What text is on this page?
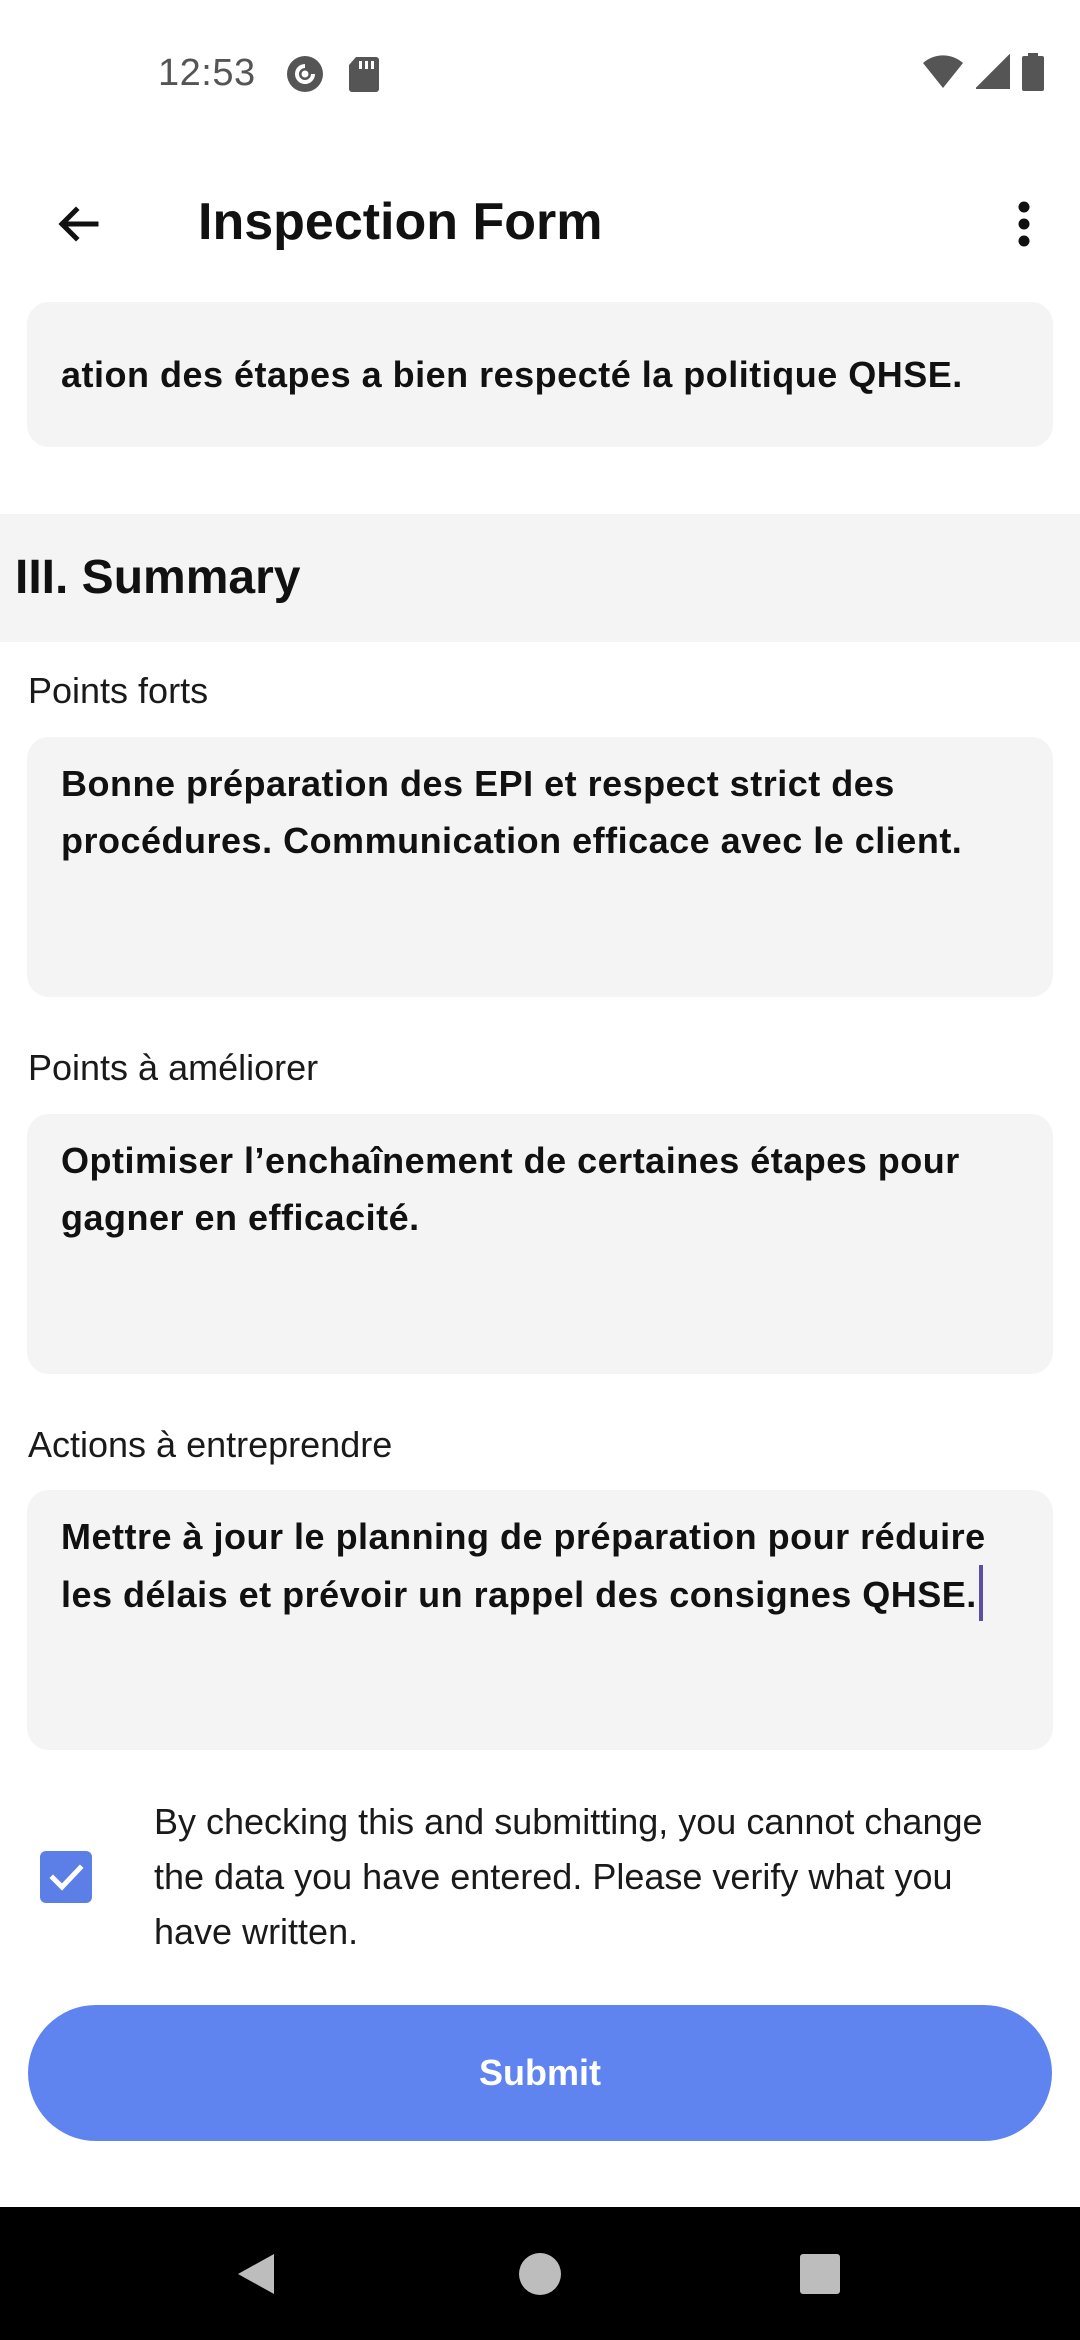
12:53
Inspection Form
ation des étapes a bien respecté la politique QHSE.
III. Summary
Points forts
Bonne préparation des EPI et respect strict des procédures. Communication efficace avec le client.
Points à améliorer
Optimiser l’enchaînement de certaines étapes pour gagner en efficacité.
Actions à entreprendre
Mettre à jour le planning de préparation pour réduire les délais et prévoir un rappel des consignes QHSE.
By checking this and submitting, you cannot change the data you have entered. Please verify what you have written.
Submit
